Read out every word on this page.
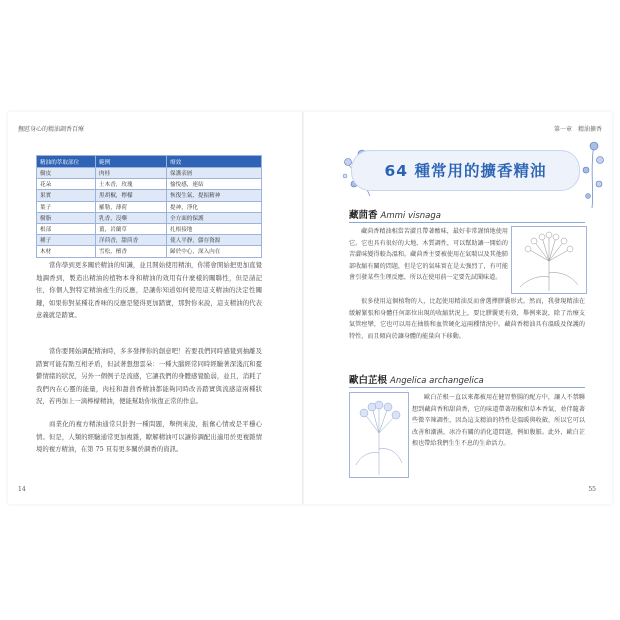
撫慰身心的精油調香百療
精油的萃取部位	範例	療效
樹皮	肉桂	保護表層
花朵	土木香，玫瑰	愉悅感，連結
果實	黑胡椒，檸檬	恢復生氣，提振精神
葉子	羅勒，薄荷	提神，淨化
樹脂	乳香，沒藥	全方面的保護
根部	薑，岩蘭草	扎根接地
種子	洋茴香，甜茴香	使人平靜，儲存資源
木材	雪松，檀香	歸於中心，深入內在

當你學到更多關於精油的知識，並且開始使用精油，你將會開始把更加直覺地調香到，製造出精油的植物本身和精油的效用有什麼樣的關聯性，但是請記住，你個人對特定精油產生的反應，是讓你知道如何使用這支精油的決定性關鍵，如果你對某種花香味的反應是變得更加踏實，那對你來說，這支精油的代表意義就是踏實。

當你要開始調配精油時，多多發揮你的創意吧！若要我們同時感覺到抽離及踏實可能有點互相矛盾，但試著想想雲朵：一種大腦經常同時經驗著深淺沉和憂鬱情緒的狀況，另外一個例子是流感，它讓我們的身體感覺脆弱，並且，消耗了我們內在心靈的能量，肉桂和甜茴香精油都能夠同時改善踏實與流感這兩種狀況，若再加上一滴檸檬精油，便能幫助你恢復正常的作息。

商業化的複方精油通常只針對一種問題，舉例來說，振奮心情或是平穩心情。但是，人類的經驗通常更加複雜，瞭解精油可以讓你調配出適用於更複雜情境的複方精油，在第 75 頁有更多關於調香的資訊。

14
第一章　精油擴香
64 種常用的擴香精油
藏茴香 Ammi visnaga

藏茴香精油相當苦澀且帶著酸味，最好非常謹慎地使用它。它也具有很好的大地、木質調性，可以幫助讓一開始的苦澀味變得較為溫和。藏茴香主要被使用在氣喘以及其他肺部收縮有關的問題，但是它的氣味實在是太強烈了，有可能會引發某些生理反應，所以在使用前一定要先試聞味道。

很多使用這個植物的人，比起使用精油反而會選擇膠囊形式。然而，我發現精油在緩解緊張和身體任何部位出現的收縮狀況上，要比膠囊更有效，舉例來說，除了治療支氣管痙攣，它也可以用在抽筋和血管硬化這兩種情況中。藏茴香精油具有溫暖及保護的特性，而且傾向於讓身體的能量向下移動。

歐白芷根 Angelica archangelica

歐白芷根一直以來都被用在健胃整腸的配方中，讓人不禁聯想到藏茴香和甜茴香，它的味道帶著胡椒和草本香氣，並伴隨著些微辛辣調性，因為這支精油的特性是溫暖與收斂，所以它可以改善和潮濕、冰冷有關的消化道問題，例如腹脹。此外，歐白芷根也帶給我們生生不息的生命活力。

55
